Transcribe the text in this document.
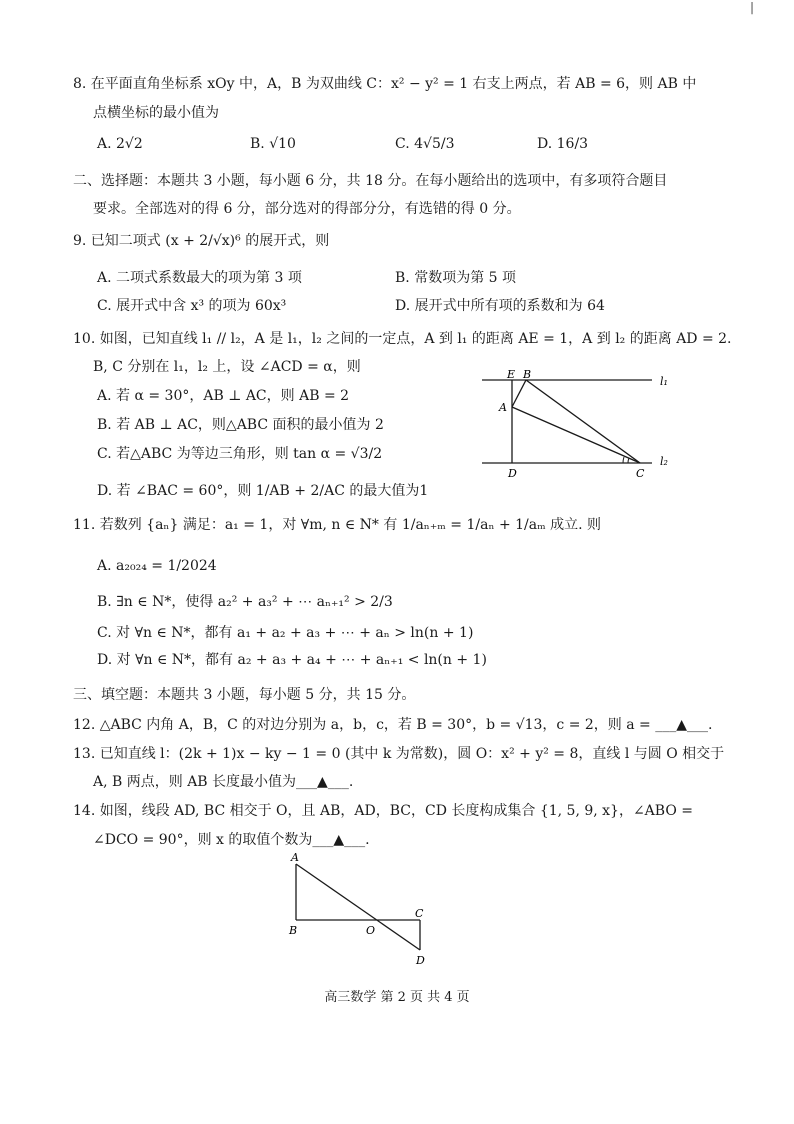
|
8. 在平面直角坐标系 xOy 中，A，B 为双曲线 C：x² − y² = 1 右支上两点，若 AB = 6，则 AB 中
点横坐标的最小值为
A. 2√2	B. √10	C. 4√5/3	D. 16/3
二、选择题：本题共 3 小题，每小题 6 分，共 18 分。在每小题给出的选项中，有多项符合题目
要求。全部选对的得 6 分，部分选对的得部分分，有选错的得 0 分。
9. 已知二项式 (x + 2/√x)⁶ 的展开式，则
A. 二项式系数最大的项为第 3 项	B. 常数项为第 5 项
C. 展开式中含 x³ 的项为 60x³	D. 展开式中所有项的系数和为 64
10. 如图，已知直线 l₁ // l₂，A 是 l₁，l₂ 之间的一定点，A 到 l₁ 的距离 AE = 1，A 到 l₂ 的距离 AD = 2.
B, C 分别在 l₁，l₂ 上，设 ∠ACD = α，则
A. 若 α = 30°，AB ⊥ AC，则 AB = 2
B. 若 AB ⊥ AC，则△ABC 面积的最小值为 2
C. 若△ABC 为等边三角形，则 tan α = √3/2
D. 若 ∠BAC = 60°，则 1/AB + 2/AC 的最大值为1
E B
l₁
A
D	C
l₂
11. 若数列 {aₙ} 满足：a₁ = 1，对 ∀m, n ∈ N* 有 1/aₙ₊ₘ = 1/aₙ + 1/aₘ 成立. 则
A. a₂₀₂₄ = 1/2024
B. ∃n ∈ N*，使得 a₂² + a₃² + ⋯ aₙ₊₁² > 2/3
C. 对 ∀n ∈ N*，都有 a₁ + a₂ + a₃ + ⋯ + aₙ > ln(n + 1)
D. 对 ∀n ∈ N*，都有 a₂ + a₃ + a₄ + ⋯ + aₙ₊₁ < ln(n + 1)
三、填空题：本题共 3 小题，每小题 5 分，共 15 分。
12. △ABC 内角 A，B，C 的对边分别为 a，b，c，若 B = 30°，b = √13，c = 2，则 a = ___▲___.
13. 已知直线 l：(2k + 1)x − ky − 1 = 0 (其中 k 为常数)，圆 O：x² + y² = 8，直线 l 与圆 O 相交于
A, B 两点，则 AB 长度最小值为___▲___.
14. 如图，线段 AD, BC 相交于 O，且 AB，AD，BC，CD 长度构成集合 {1, 5, 9, x}，∠ABO =
∠DCO = 90°，则 x 的取值个数为___▲___.
A
B	O
C
D
高三数学 第 2 页 共 4 页
